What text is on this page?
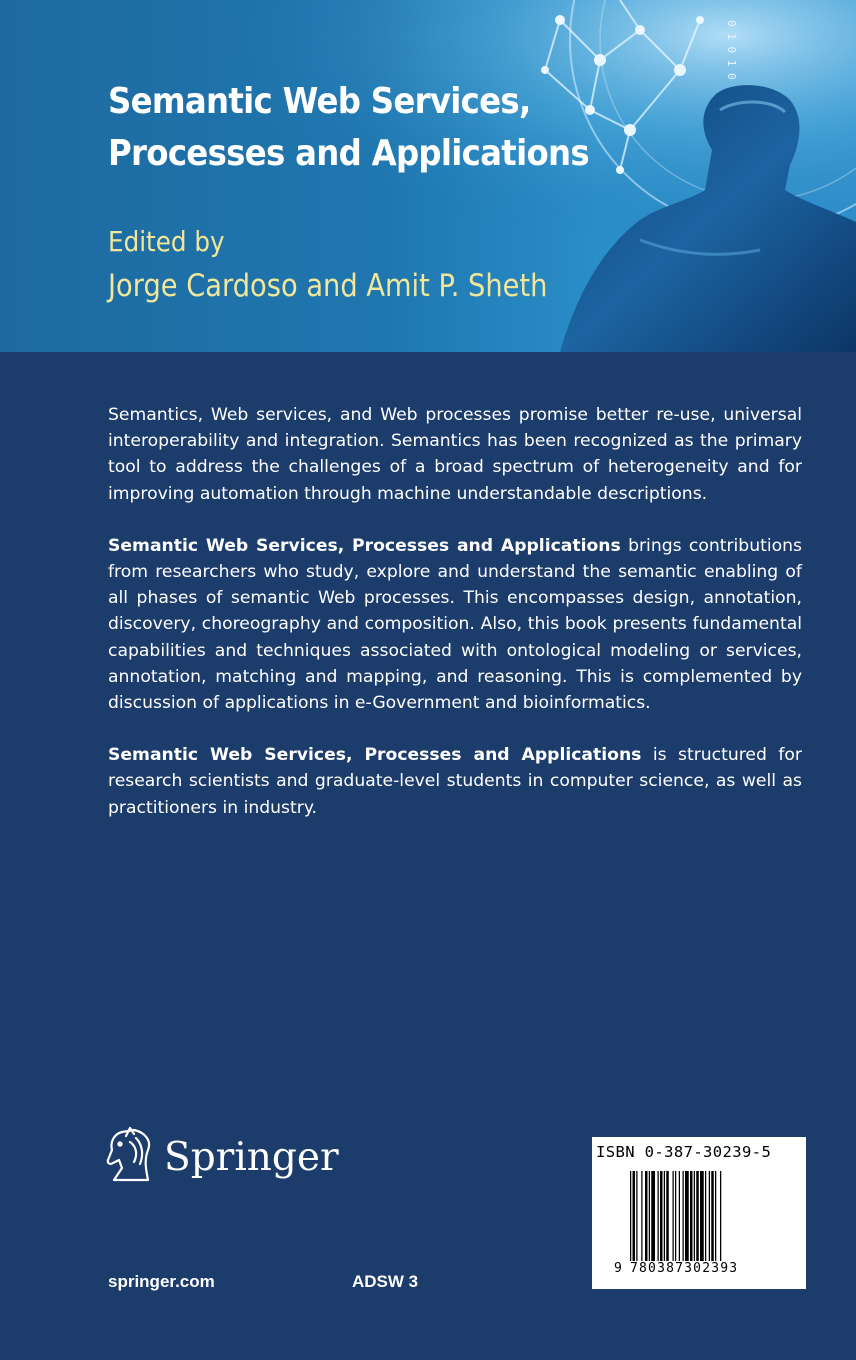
0 1 0 1 0
Semantic Web Services,
Processes and Applications
Edited by
Jorge Cardoso and Amit P. Sheth

Semantics, Web services, and Web processes promise better re-use, universal interoperability and integration. Semantics has been recognized as the primary tool to address the challenges of a broad spectrum of heterogeneity and for improving automation through machine understandable descriptions.

Semantic Web Services, Processes and Applications brings contributions from researchers who study, explore and understand the semantic enabling of all phases of semantic Web processes. This encompasses design, annotation, discovery, choreography and composition. Also, this book presents fundamental capabilities and techniques associated with ontological modeling or services, annotation, matching and mapping, and reasoning. This is complemented by discussion of applications in e-Government and bioinformatics.

Semantic Web Services, Processes and Applications is structured for research scientists and graduate-level students in computer science, as well as practitioners in industry.

Springer	ISBN 0-387-30239-5
9 780387302393
springer.com	ADSW 3
